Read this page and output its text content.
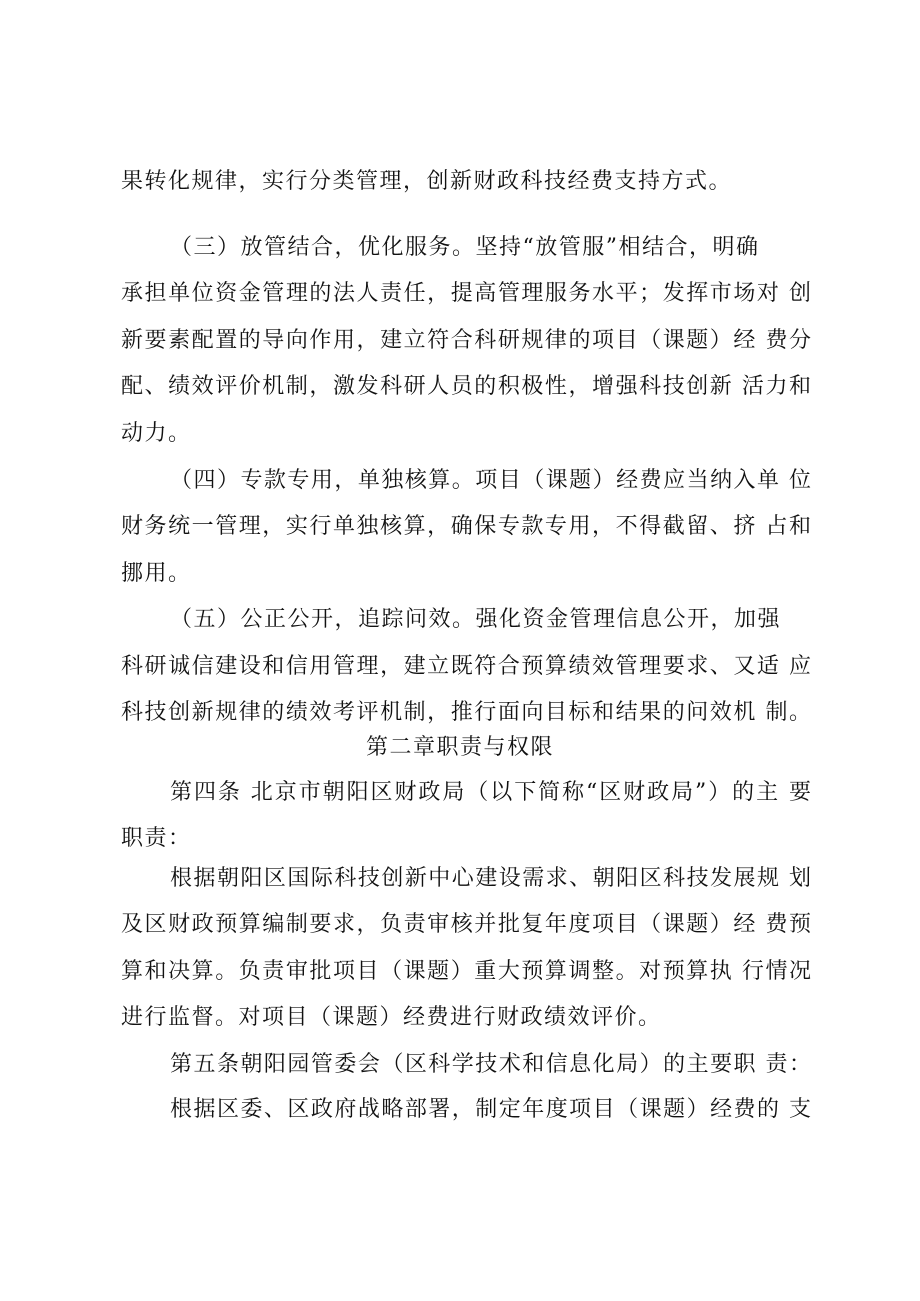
果转化规律，实行分类管理，创新财政科技经费支持方式。

（三）放管结合，优化服务。坚持“放管服”相结合，明确

承担单位资金管理的法人责任，提高管理服务水平；发挥市场对 创

新要素配置的导向作用，建立符合科研规律的项目（课题）经 费分

配、绩效评价机制，激发科研人员的积极性，增强科技创新 活力和

动力。

（四）专款专用，单独核算。项目（课题）经费应当纳入单 位

财务统一管理，实行单独核算，确保专款专用，不得截留、挤 占和

挪用。

（五）公正公开，追踪问效。强化资金管理信息公开，加强

科研诚信建设和信用管理，建立既符合预算绩效管理要求、又适 应

科技创新规律的绩效考评机制，推行面向目标和结果的问效机 制。

第二章职责与权限

第四条 北京市朝阳区财政局（以下简称“区财政局”）的主 要

职责：

根据朝阳区国际科技创新中心建设需求、朝阳区科技发展规 划

及区财政预算编制要求，负责审核并批复年度项目（课题）经 费预

算和决算。负责审批项目（课题）重大预算调整。对预算执 行情况

进行监督。对项目（课题）经费进行财政绩效评价。

第五条朝阳园管委会（区科学技术和信息化局）的主要职 责：

根据区委、区政府战略部署，制定年度项目（课题）经费的 支
